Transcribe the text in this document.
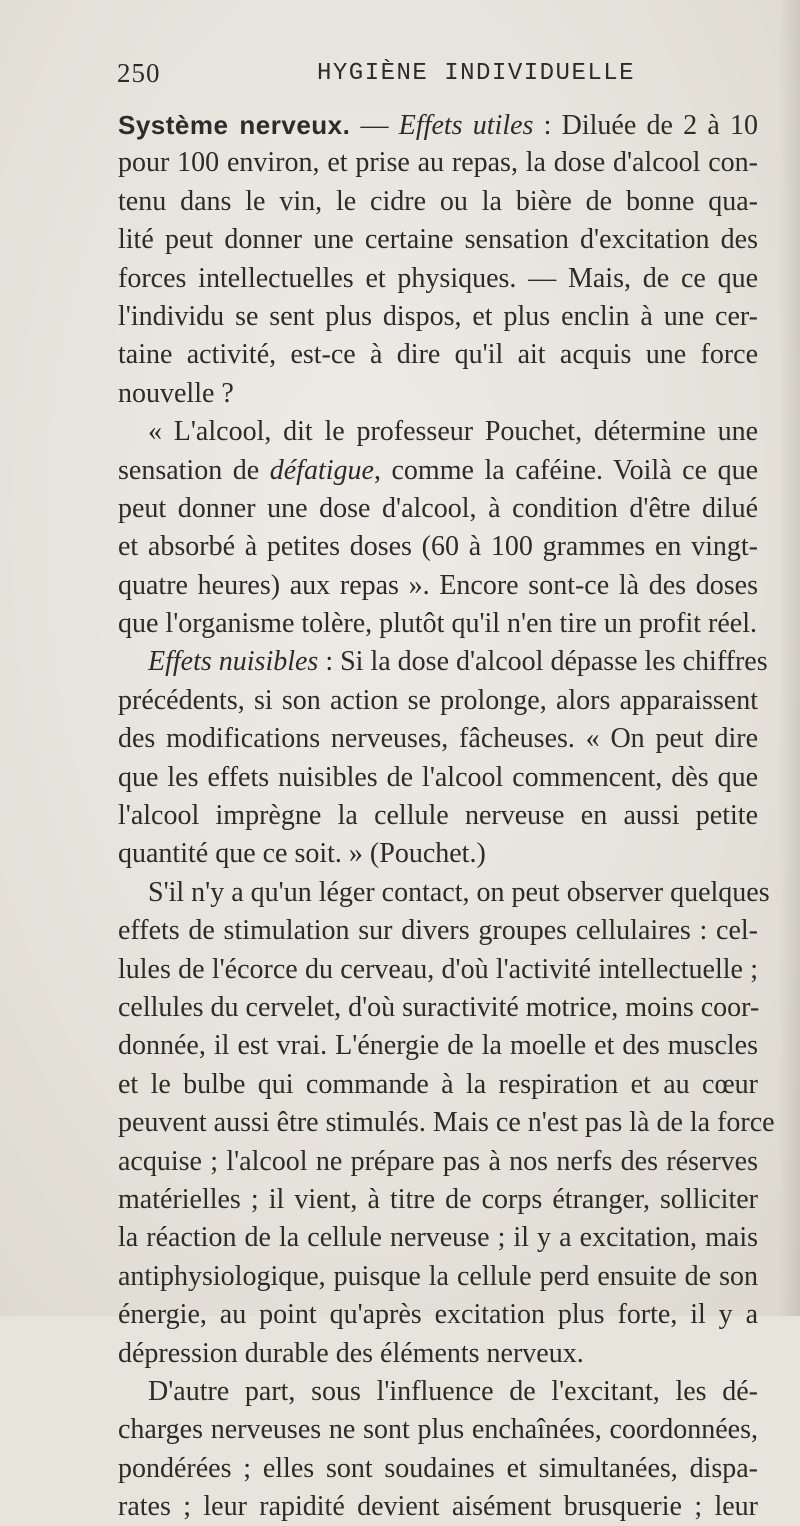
250	HYGIÈNE INDIVIDUELLE
Système nerveux. — Effets utiles : Diluée de 2 à 10
pour 100 environ, et prise au repas, la dose d'alcool con-
tenu dans le vin, le cidre ou la bière de bonne qua-
lité peut donner une certaine sensation d'excitation des
forces intellectuelles et physiques. — Mais, de ce que
l'individu se sent plus dispos, et plus enclin à une cer-
taine activité, est-ce à dire qu'il ait acquis une force
nouvelle ?
« L'alcool, dit le professeur Pouchet, détermine une
sensation de défatigue, comme la caféine. Voilà ce que
peut donner une dose d'alcool, à condition d'être dilué
et absorbé à petites doses (60 à 100 grammes en vingt-
quatre heures) aux repas ». Encore sont-ce là des doses
que l'organisme tolère, plutôt qu'il n'en tire un profit réel.
Effets nuisibles : Si la dose d'alcool dépasse les chiffres
précédents, si son action se prolonge, alors apparaissent
des modifications nerveuses, fâcheuses. « On peut dire
que les effets nuisibles de l'alcool commencent, dès que
l'alcool imprègne la cellule nerveuse en aussi petite
quantité que ce soit. » (Pouchet.)
S'il n'y a qu'un léger contact, on peut observer quelques
effets de stimulation sur divers groupes cellulaires : cel-
lules de l'écorce du cerveau, d'où l'activité intellectuelle ;
cellules du cervelet, d'où suractivité motrice, moins coor-
donnée, il est vrai. L'énergie de la moelle et des muscles
et le bulbe qui commande à la respiration et au cœur
peuvent aussi être stimulés. Mais ce n'est pas là de la force
acquise ; l'alcool ne prépare pas à nos nerfs des réserves
matérielles ; il vient, à titre de corps étranger, solliciter
la réaction de la cellule nerveuse ; il y a excitation, mais
antiphysiologique, puisque la cellule perd ensuite de son
énergie, au point qu'après excitation plus forte, il y a
dépression durable des éléments nerveux.
D'autre part, sous l'influence de l'excitant, les dé-
charges nerveuses ne sont plus enchaînées, coordonnées,
pondérées ; elles sont soudaines et simultanées, dispa-
rates ; leur rapidité devient aisément brusquerie ; leur
